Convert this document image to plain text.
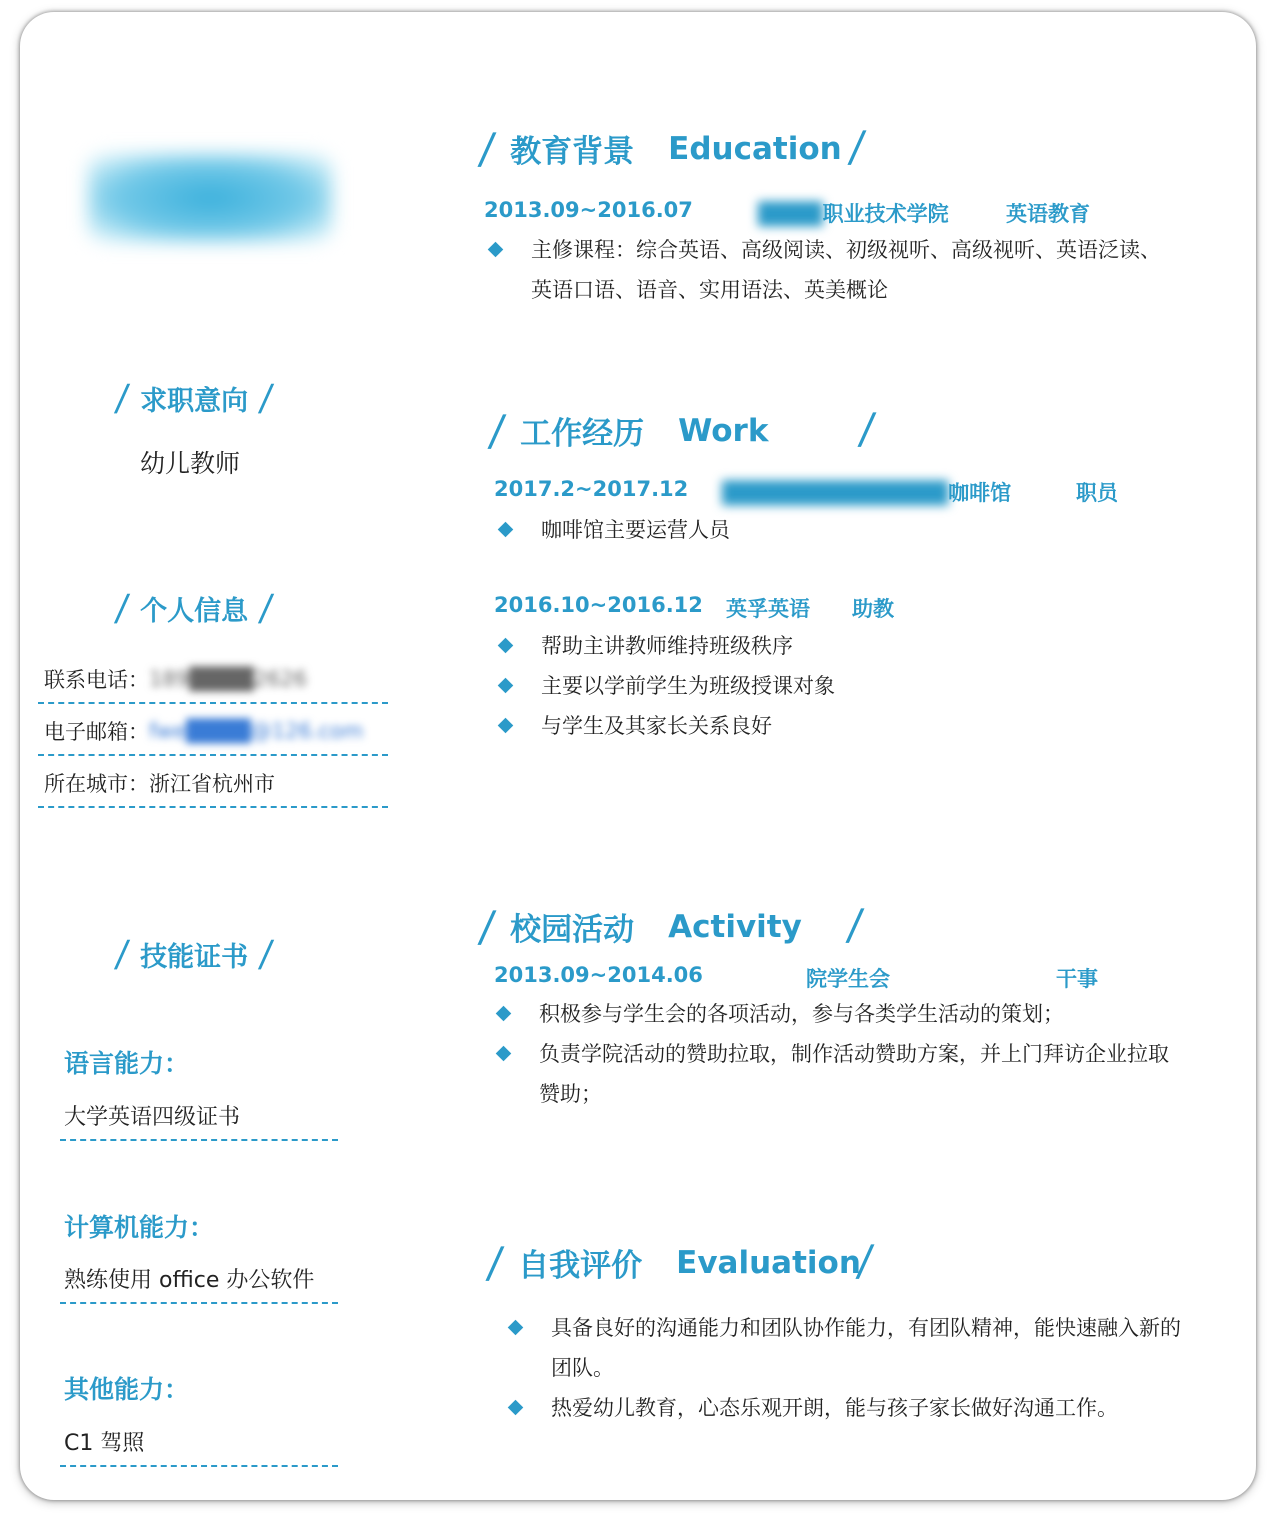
/ 求职意向 /
幼儿教师
/ 个人信息 /
联系电话： 189████2626
电子邮箱： fwe████@126.com
所在城市： 浙江省杭州市
/ 技能证书 /
语言能力：
大学英语四级证书
计算机能力：
熟练使用 office 办公软件
其他能力：
C1 驾照
/ 教育背景 Education /
2013.09~2016.07	████职业技术学院	英语教育
主修课程：综合英语、高级阅读、初级视听、高级视听、英语泛读、
英语口语、语音、实用语法、英美概论
/ 工作经历 Work /
2017.2~2017.12 ██████████████咖啡馆	职员
咖啡馆主要运营人员
2016.10~2016.12 英孚英语 助教
帮助主讲教师维持班级秩序
主要以学前学生为班级授课对象
与学生及其家长关系良好
/ 校园活动 Activity /
2013.09~2014.06	院学生会	干事
积极参与学生会的各项活动，参与各类学生活动的策划；
负责学院活动的赞助拉取，制作活动赞助方案，并上门拜访企业拉取
赞助；
/ 自我评价 Evaluation
/
具备良好的沟通能力和团队协作能力，有团队精神，能快速融入新的
团队。
热爱幼儿教育，心态乐观开朗，能与孩子家长做好沟通工作。
